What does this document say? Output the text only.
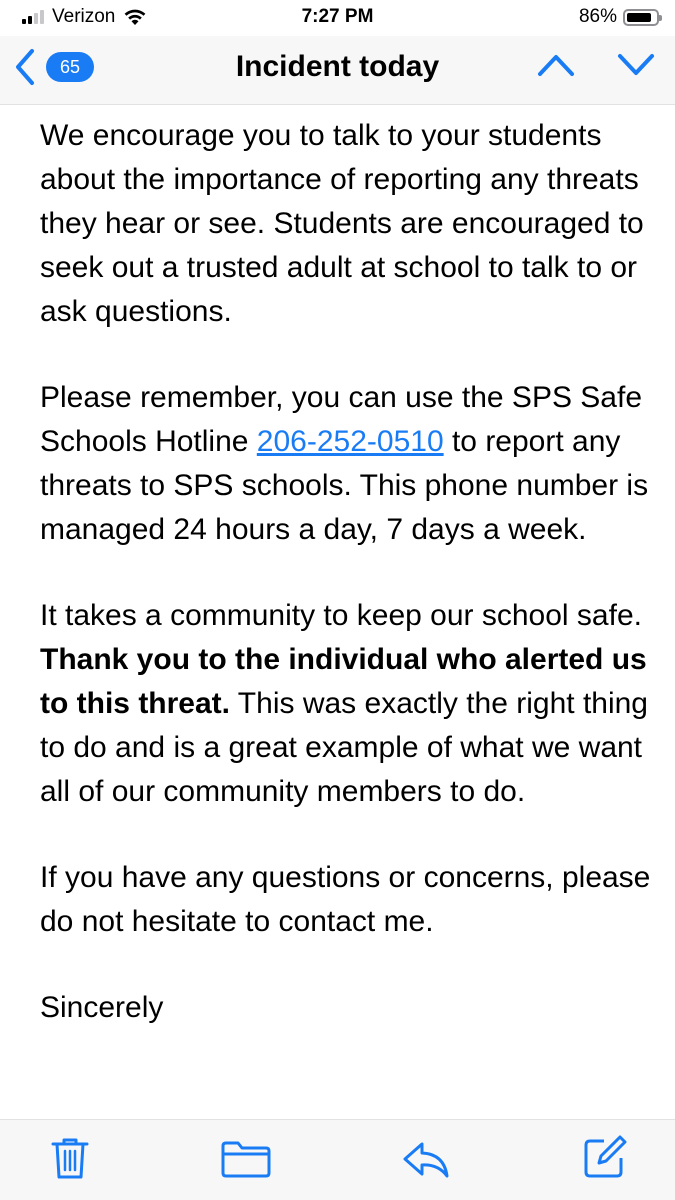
Verizon	7:27 PM	86%
65	Incident today

We encourage you to talk to your students about the importance of reporting any threats they hear or see. Students are encouraged to seek out a trusted adult at school to talk to or ask questions.

Please remember, you can use the SPS Safe Schools Hotline 206-252-0510 to report any threats to SPS schools. This phone number is managed 24 hours a day, 7 days a week.

It takes a community to keep our school safe. Thank you to the individual who alerted us to this threat. This was exactly the right thing to do and is a great example of what we want all of our community members to do.

If you have any questions or concerns, please do not hesitate to contact me.

Sincerely
